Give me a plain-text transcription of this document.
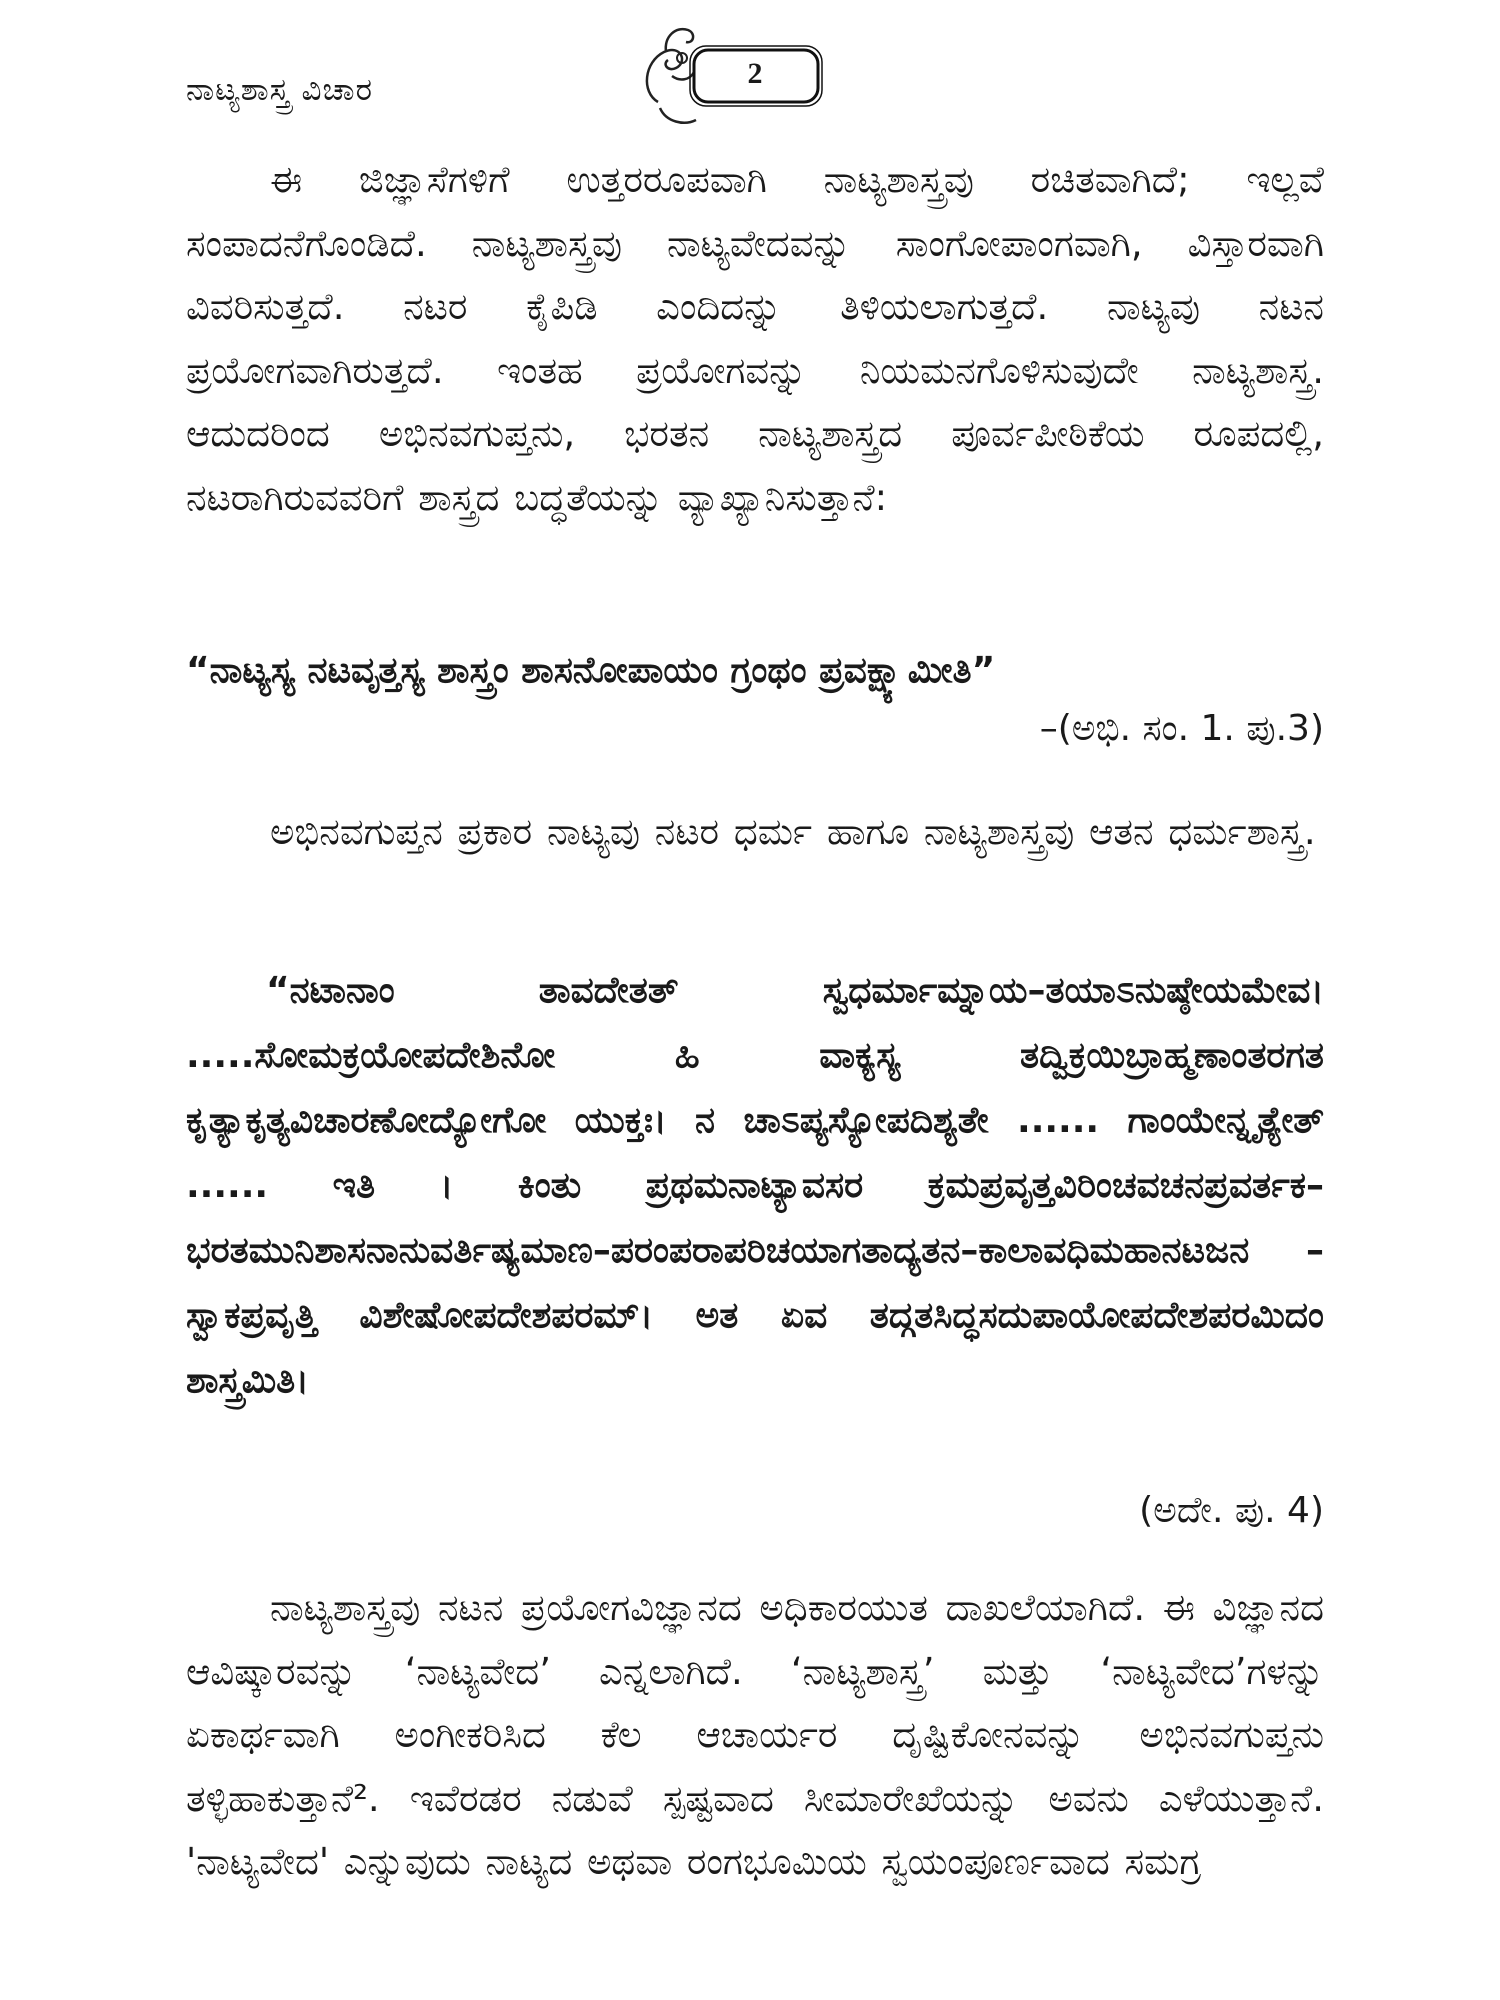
ನಾಟ್ಯಶಾಸ್ತ್ರ ವಿಚಾರ	2
ಈ ಜಿಜ್ಞಾಸೆಗಳಿಗೆ ಉತ್ತರರೂಪವಾಗಿ ನಾಟ್ಯಶಾಸ್ತ್ರವು ರಚಿತವಾಗಿದೆ; ಇಲ್ಲವೆ ಸಂಪಾದನೆಗೊಂಡಿದೆ. ನಾಟ್ಯಶಾಸ್ತ್ರವು ನಾಟ್ಯವೇದವನ್ನು ಸಾಂಗೋಪಾಂಗವಾಗಿ, ವಿಸ್ತಾರವಾಗಿ ವಿವರಿಸುತ್ತದೆ. ನಟರ ಕೈಪಿಡಿ ಎಂದಿದನ್ನು ತಿಳಿಯಲಾಗುತ್ತದೆ. ನಾಟ್ಯವು ನಟನ ಪ್ರಯೋಗವಾಗಿರುತ್ತದೆ. ಇಂತಹ ಪ್ರಯೋಗವನ್ನು ನಿಯಮನಗೊಳಿಸುವುದೇ ನಾಟ್ಯಶಾಸ್ತ್ರ. ಆದುದರಿಂದ ಅಭಿನವಗುಪ್ತನು, ಭರತನ ನಾಟ್ಯಶಾಸ್ತ್ರದ ಪೂರ್ವಪೀಠಿಕೆಯ ರೂಪದಲ್ಲಿ, ನಟರಾಗಿರುವವರಿಗೆ ಶಾಸ್ತ್ರದ ಬದ್ಧತೆಯನ್ನು ವ್ಯಾಖ್ಯಾನಿಸುತ್ತಾನೆ:
“ನಾಟ್ಯಸ್ಯ ನಟವೃತ್ತಸ್ಯ ಶಾಸ್ತ್ರಂ ಶಾಸನೋಪಾಯಂ ಗ್ರಂಥಂ ಪ್ರವಕ್ಷ್ಯಾಮೀತಿ”
–(ಅಭಿ. ಸಂ. 1. ಪು.3)
ಅಭಿನವಗುಪ್ತನ ಪ್ರಕಾರ ನಾಟ್ಯವು ನಟರ ಧರ್ಮ ಹಾಗೂ ನಾಟ್ಯಶಾಸ್ತ್ರವು ಆತನ ಧರ್ಮಶಾಸ್ತ್ರ.
“ನಟಾನಾಂ ತಾವದೇತತ್ ಸ್ವಧರ್ಮಾಮ್ನಾಯ–ತಯಾಽನುಷ್ಠೇಯಮೇವ। .....ಸೋಮಕ್ರಯೋಪದೇಶಿನೋ ಹಿ ವಾಕ್ಯಸ್ಯ ತದ್ವಿಕ್ರಯಿಬ್ರಾಹ್ಮಣಾಂತರಗತ ಕೃತ್ಯಾಕೃತ್ಯವಿಚಾರಣೋದ್ಯೋಗೋ ಯುಕ್ತಃ। ನ ಚಾಽಪ್ಯಸ್ಯೋಪದಿಶ್ಯತೇ ...... ಗಾಂಯೇನ್ನೃತ್ಯೇತ್ ...... ಇತಿ । ಕಿಂತು ಪ್ರಥಮನಾಟ್ಯಾವಸರ ಕ್ರಮಪ್ರವೃತ್ತವಿರಿಂಚವಚನಪ್ರವರ್ತಕ–ಭರತಮುನಿಶಾಸನಾನುವರ್ತಿಷ್ಯಮಾಣ–ಪರಂಪರಾಪರಿಚಯಾಗತಾದ್ಯತನ–ಕಾಲಾವಧಿಮಹಾನಟಜನ – ಸ್ವಾಕಪ್ರವೃತ್ತಿ ವಿಶೇಷೋಪದೇಶಪರಮ್। ಅತ ಏವ ತದ್ಗತಸಿದ್ಧಸದುಪಾಯೋಪದೇಶಪರಮಿದಂ ಶಾಸ್ತ್ರಮಿತಿ।
(ಅದೇ. ಪು. 4)
ನಾಟ್ಯಶಾಸ್ತ್ರವು ನಟನ ಪ್ರಯೋಗವಿಜ್ಞಾನದ ಅಧಿಕಾರಯುತ ದಾಖಲೆಯಾಗಿದೆ. ಈ ವಿಜ್ಞಾನದ ಆವಿಷ್ಕಾರವನ್ನು ‘ನಾಟ್ಯವೇದ’ ಎನ್ನಲಾಗಿದೆ. ‘ನಾಟ್ಯಶಾಸ್ತ್ರ’ ಮತ್ತು ‘ನಾಟ್ಯವೇದ’ಗಳನ್ನು ಏಕಾರ್ಥವಾಗಿ ಅಂಗೀಕರಿಸಿದ ಕೆಲ ಆಚಾರ್ಯರ ದೃಷ್ಟಿಕೋನವನ್ನು ಅಭಿನವಗುಪ್ತನು ತಳ್ಳಿಹಾಕುತ್ತಾನೆ². ಇವೆರಡರ ನಡುವೆ ಸ್ಪಷ್ಟವಾದ ಸೀಮಾರೇಖೆಯನ್ನು ಅವನು ಎಳೆಯುತ್ತಾನೆ. 'ನಾಟ್ಯವೇದ' ಎನ್ನುವುದು ನಾಟ್ಯದ ಅಥವಾ ರಂಗಭೂಮಿಯ ಸ್ವಯಂಪೂರ್ಣವಾದ ಸಮಗ್ರ
